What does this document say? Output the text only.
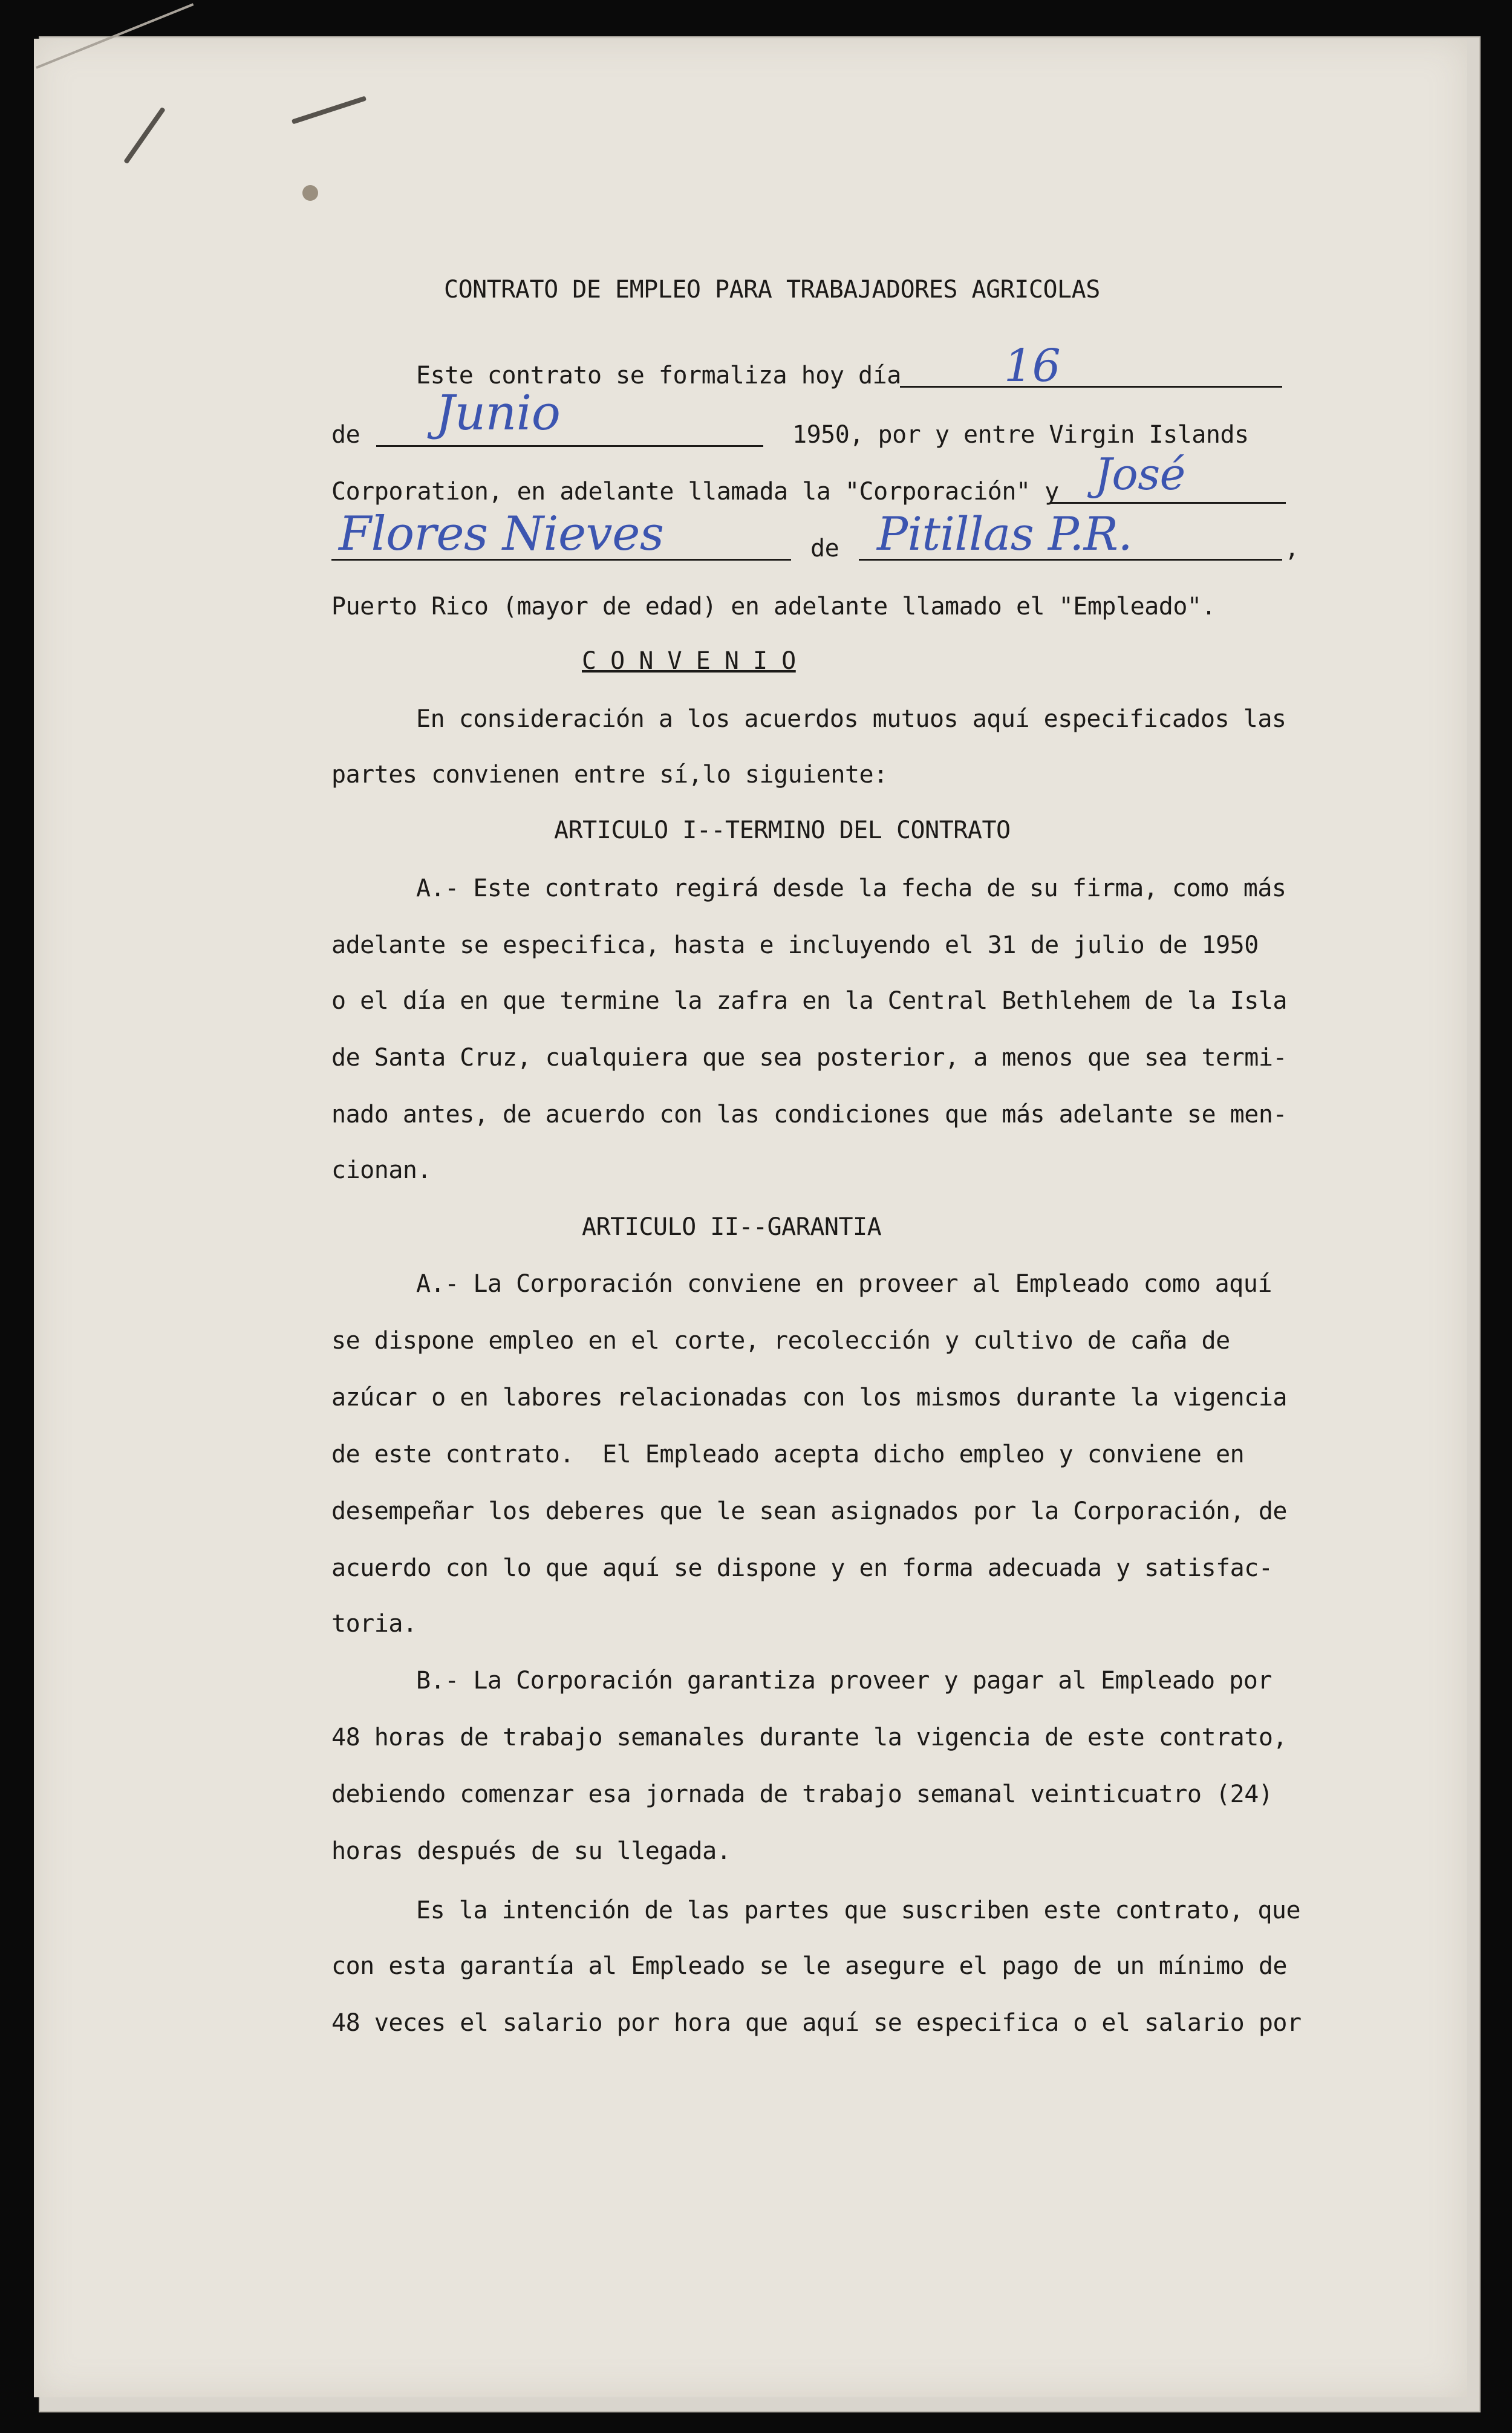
CONTRATO DE EMPLEO PARA TRABAJADORES AGRICOLAS
Este contrato se formaliza hoy día 16
de Junio	1950, por y entre Virgin Islands
Corporation, en adelante llamada la "Corporación" y José
Flores Nieves	de Pitillas P.R.	,
Puerto Rico (mayor de edad) en adelante llamado el "Empleado".
C O N V E N I O
En consideración a los acuerdos mutuos aquí especificados las
partes convienen entre sí,lo siguiente:
ARTICULO I--TERMINO DEL CONTRATO
A.- Este contrato regirá desde la fecha de su firma, como más
adelante se especifica, hasta e incluyendo el 31 de julio de 1950
o el día en que termine la zafra en la Central Bethlehem de la Isla
de Santa Cruz, cualquiera que sea posterior, a menos que sea termi-
nado antes, de acuerdo con las condiciones que más adelante se men-
cionan.
ARTICULO II--GARANTIA
A.- La Corporación conviene en proveer al Empleado como aquí
se dispone empleo en el corte, recolección y cultivo de caña de
azúcar o en labores relacionadas con los mismos durante la vigencia
de este contrato.  El Empleado acepta dicho empleo y conviene en
desempeñar los deberes que le sean asignados por la Corporación, de
acuerdo con lo que aquí se dispone y en forma adecuada y satisfac-
toria.
B.- La Corporación garantiza proveer y pagar al Empleado por
48 horas de trabajo semanales durante la vigencia de este contrato,
debiendo comenzar esa jornada de trabajo semanal veinticuatro (24)
horas después de su llegada.
Es la intención de las partes que suscriben este contrato, que
con esta garantía al Empleado se le asegure el pago de un mínimo de
48 veces el salario por hora que aquí se especifica o el salario por
